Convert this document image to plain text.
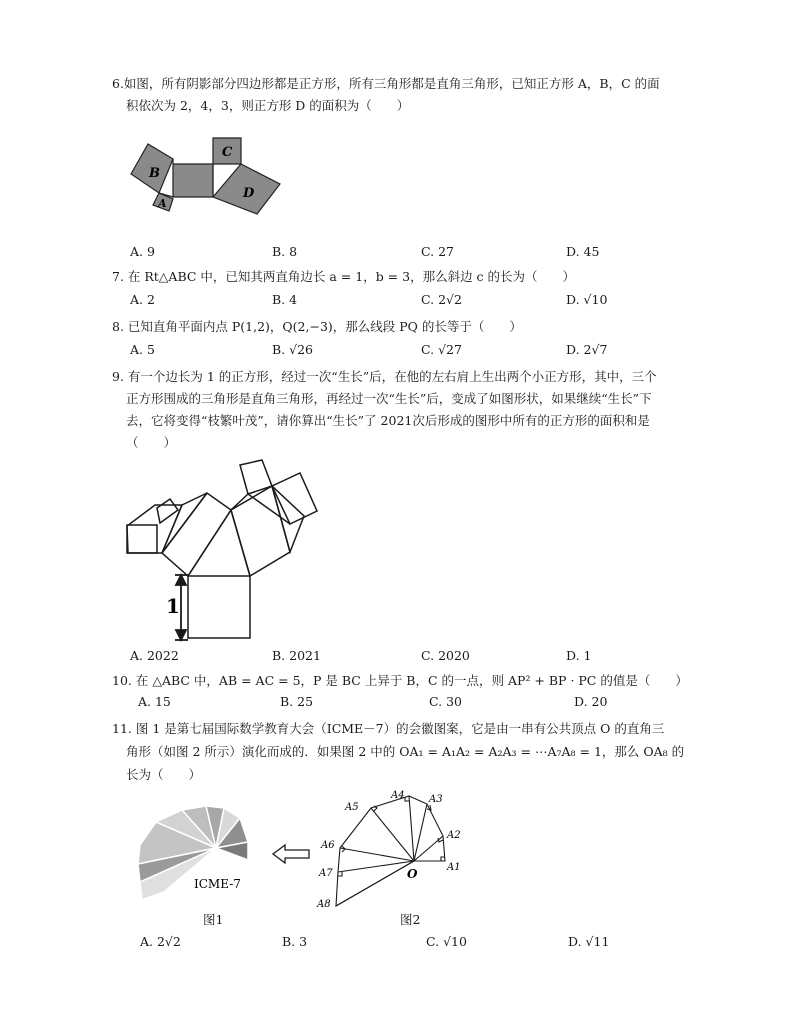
6.如图，所有阴影部分四边形都是正方形，所有三角形都是直角三角形，已知正方形 A，B，C 的面
积依次为 2，4，3，则正方形 D 的面积为（　　）
B
A
C
D
A. 9	B. 8	C. 27	D. 45
7. 在 Rt△ABC 中，已知其两直角边长 a = 1，b = 3，那么斜边 c 的长为（　　）
A. 2	B. 4	C. 2√2	D. √10
8. 已知直角平面内点 P(1,2)，Q(2,−3)，那么线段 PQ 的长等于（　　）
A. 5	B. √26	C. √27	D. 2√7
9. 有一个边长为 1 的正方形，经过一次“生长”后，在他的左右肩上生出两个小正方形，其中，三个
正方形围成的三角形是直角三角形，再经过一次“生长”后，变成了如图形状，如果继续“生长”下
去，它将变得“枝繁叶茂”，请你算出“生长”了 2021次后形成的图形中所有的正方形的面积和是
（　　）
1
A. 2022	B. 2021	C. 2020	D. 1
10. 在 △ABC 中，AB = AC = 5，P 是 BC 上异于 B，C 的一点，则 AP² + BP · PC 的值是（　　）
A. 15	B. 25	C. 30	D. 20
11. 图 1 是第七届国际数学教育大会（ICME－7）的会徽图案，它是由一串有公共顶点 O 的直角三
角形（如图 2 所示）演化而成的．如果图 2 中的 OA₁ = A₁A₂ = A₂A₃ = ⋯A₇A₈ = 1，那么 OA₈ 的
长为（　　）
ICME-7
图1
A1
A2
A3
A4
A5
A6
A7
A8
O
图2
A. 2√2	B. 3	C. √10	D. √11
